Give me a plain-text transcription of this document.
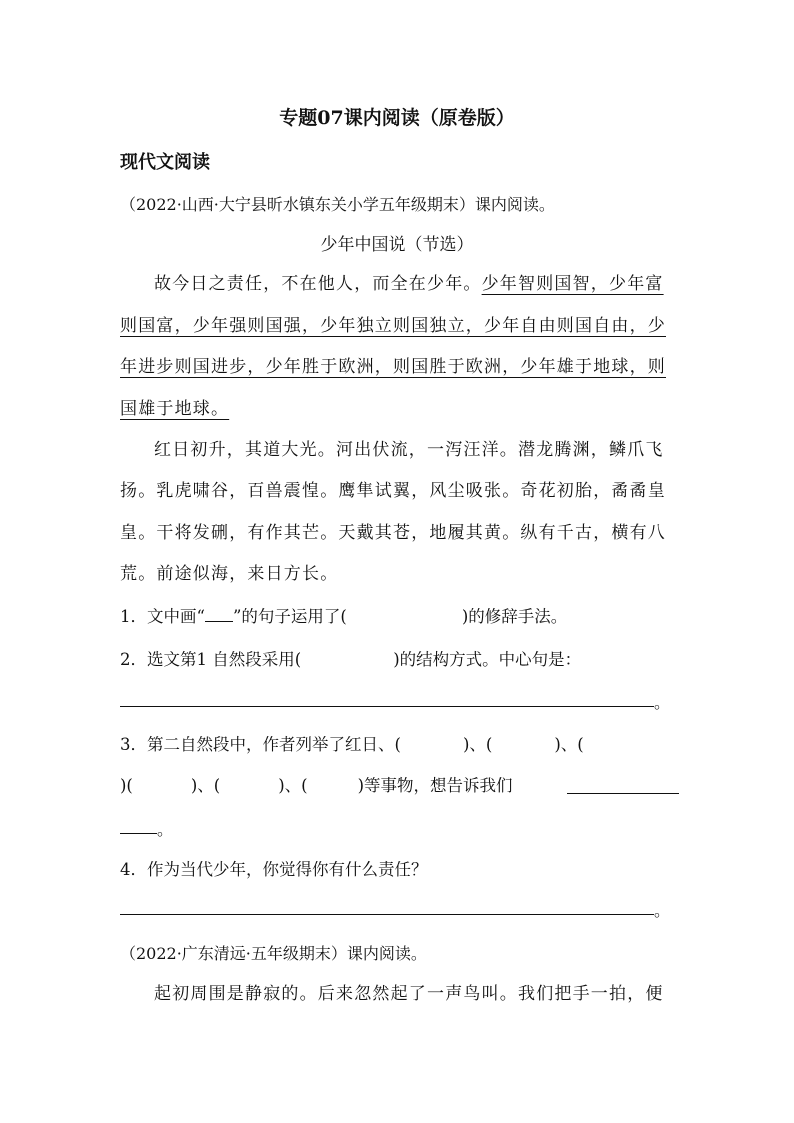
专题07课内阅读（原卷版）
现代文阅读
（2022·山西·大宁县昕水镇东关小学五年级期末）课内阅读。
少年中国说（节选）
故今日之责任，不在他人，而全在少年。少年智则国智，少年富
则国富，少年强则国强，少年独立则国独立，少年自由则国自由，少
年进步则国进步，少年胜于欧洲，则国胜于欧洲，少年雄于地球，则
国雄于地球。
红日初升，其道大光。河出伏流，一泻汪洋。潜龙腾渊，鳞爪飞
扬。乳虎啸谷，百兽震惶。鹰隼试翼，风尘吸张。奇花初胎，矞矞皇
皇。干将发硎，有作其芒。天戴其苍，地履其黄。纵有千古，横有八
荒。前途似海，来日方长。
1．文中画“ ”的句子运用了(	)的修辞手法。
2．选文第1 自然段采用(	)的结构方式。中心句是：
。
3．第二自然段中，作者列举了红日、(	)、(	)、(
)(	)、(	)、(	)等事物，想告诉我们
。
4．作为当代少年，你觉得你有什么责任？
。
（2022·广东清远·五年级期末）课内阅读。
起初周围是静寂的。后来忽然起了一声鸟叫。我们把手一拍，便
